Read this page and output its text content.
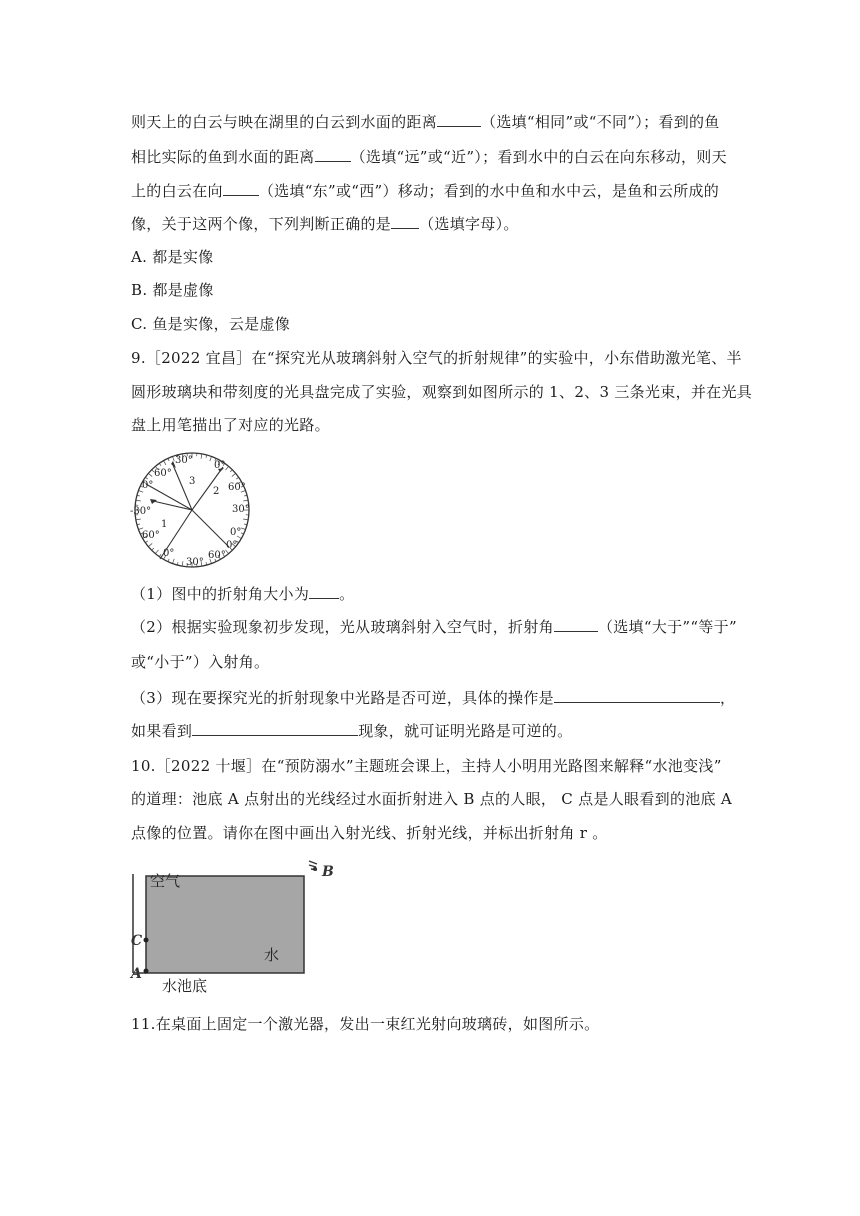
则天上的白云与映在湖里的白云到水面的距离	（选填“相同”或“不同”）；看到的鱼
相比实际的鱼到水面的距离 （选填“远”或“近”）；看到水中的白云在向东移动，则天
上的白云在向 （选填“东”或“西”）移动；看到的水中鱼和水中云，是鱼和云所成的
像，关于这两个像，下列判断正确的是 （选填字母）。
A. 都是实像
B. 都是虚像
C. 鱼是实像，云是虚像
9.［2022 宜昌］在“探究光从玻璃斜射入空气的折射规律”的实验中，小东借助激光笔、半
圆形玻璃块和带刻度的光具盘完成了实验，观察到如图所示的 1、2、3 三条光束，并在光具
盘上用笔描出了对应的光路。
30°
60°
0°
60°
0°
-30°	30°
60°	0°
0°
30°
60°
0°
1
2
3
（1）图中的折射角大小为 。
（2）根据实验现象初步发现，光从玻璃斜射入空气时，折射角	（选填“大于”“等于”
或“小于”）入射角。
（3）现在要探究光的折射现象中光路是否可逆，具体的操作是	，
如果看到	现象，就可证明光路是可逆的。
10.［2022 十堰］在“预防溺水”主题班会课上，主持人小明用光路图来解释“水池变浅”
的道理：池底 A 点射出的光线经过水面折射进入 B 点的人眼， C 点是人眼看到的池底 A
点像的位置。请你在图中画出入射光线、折射光线，并标出折射角 r 。
空气
水
水池底
C
A
B
11.在桌面上固定一个激光器，发出一束红光射向玻璃砖，如图所示。
